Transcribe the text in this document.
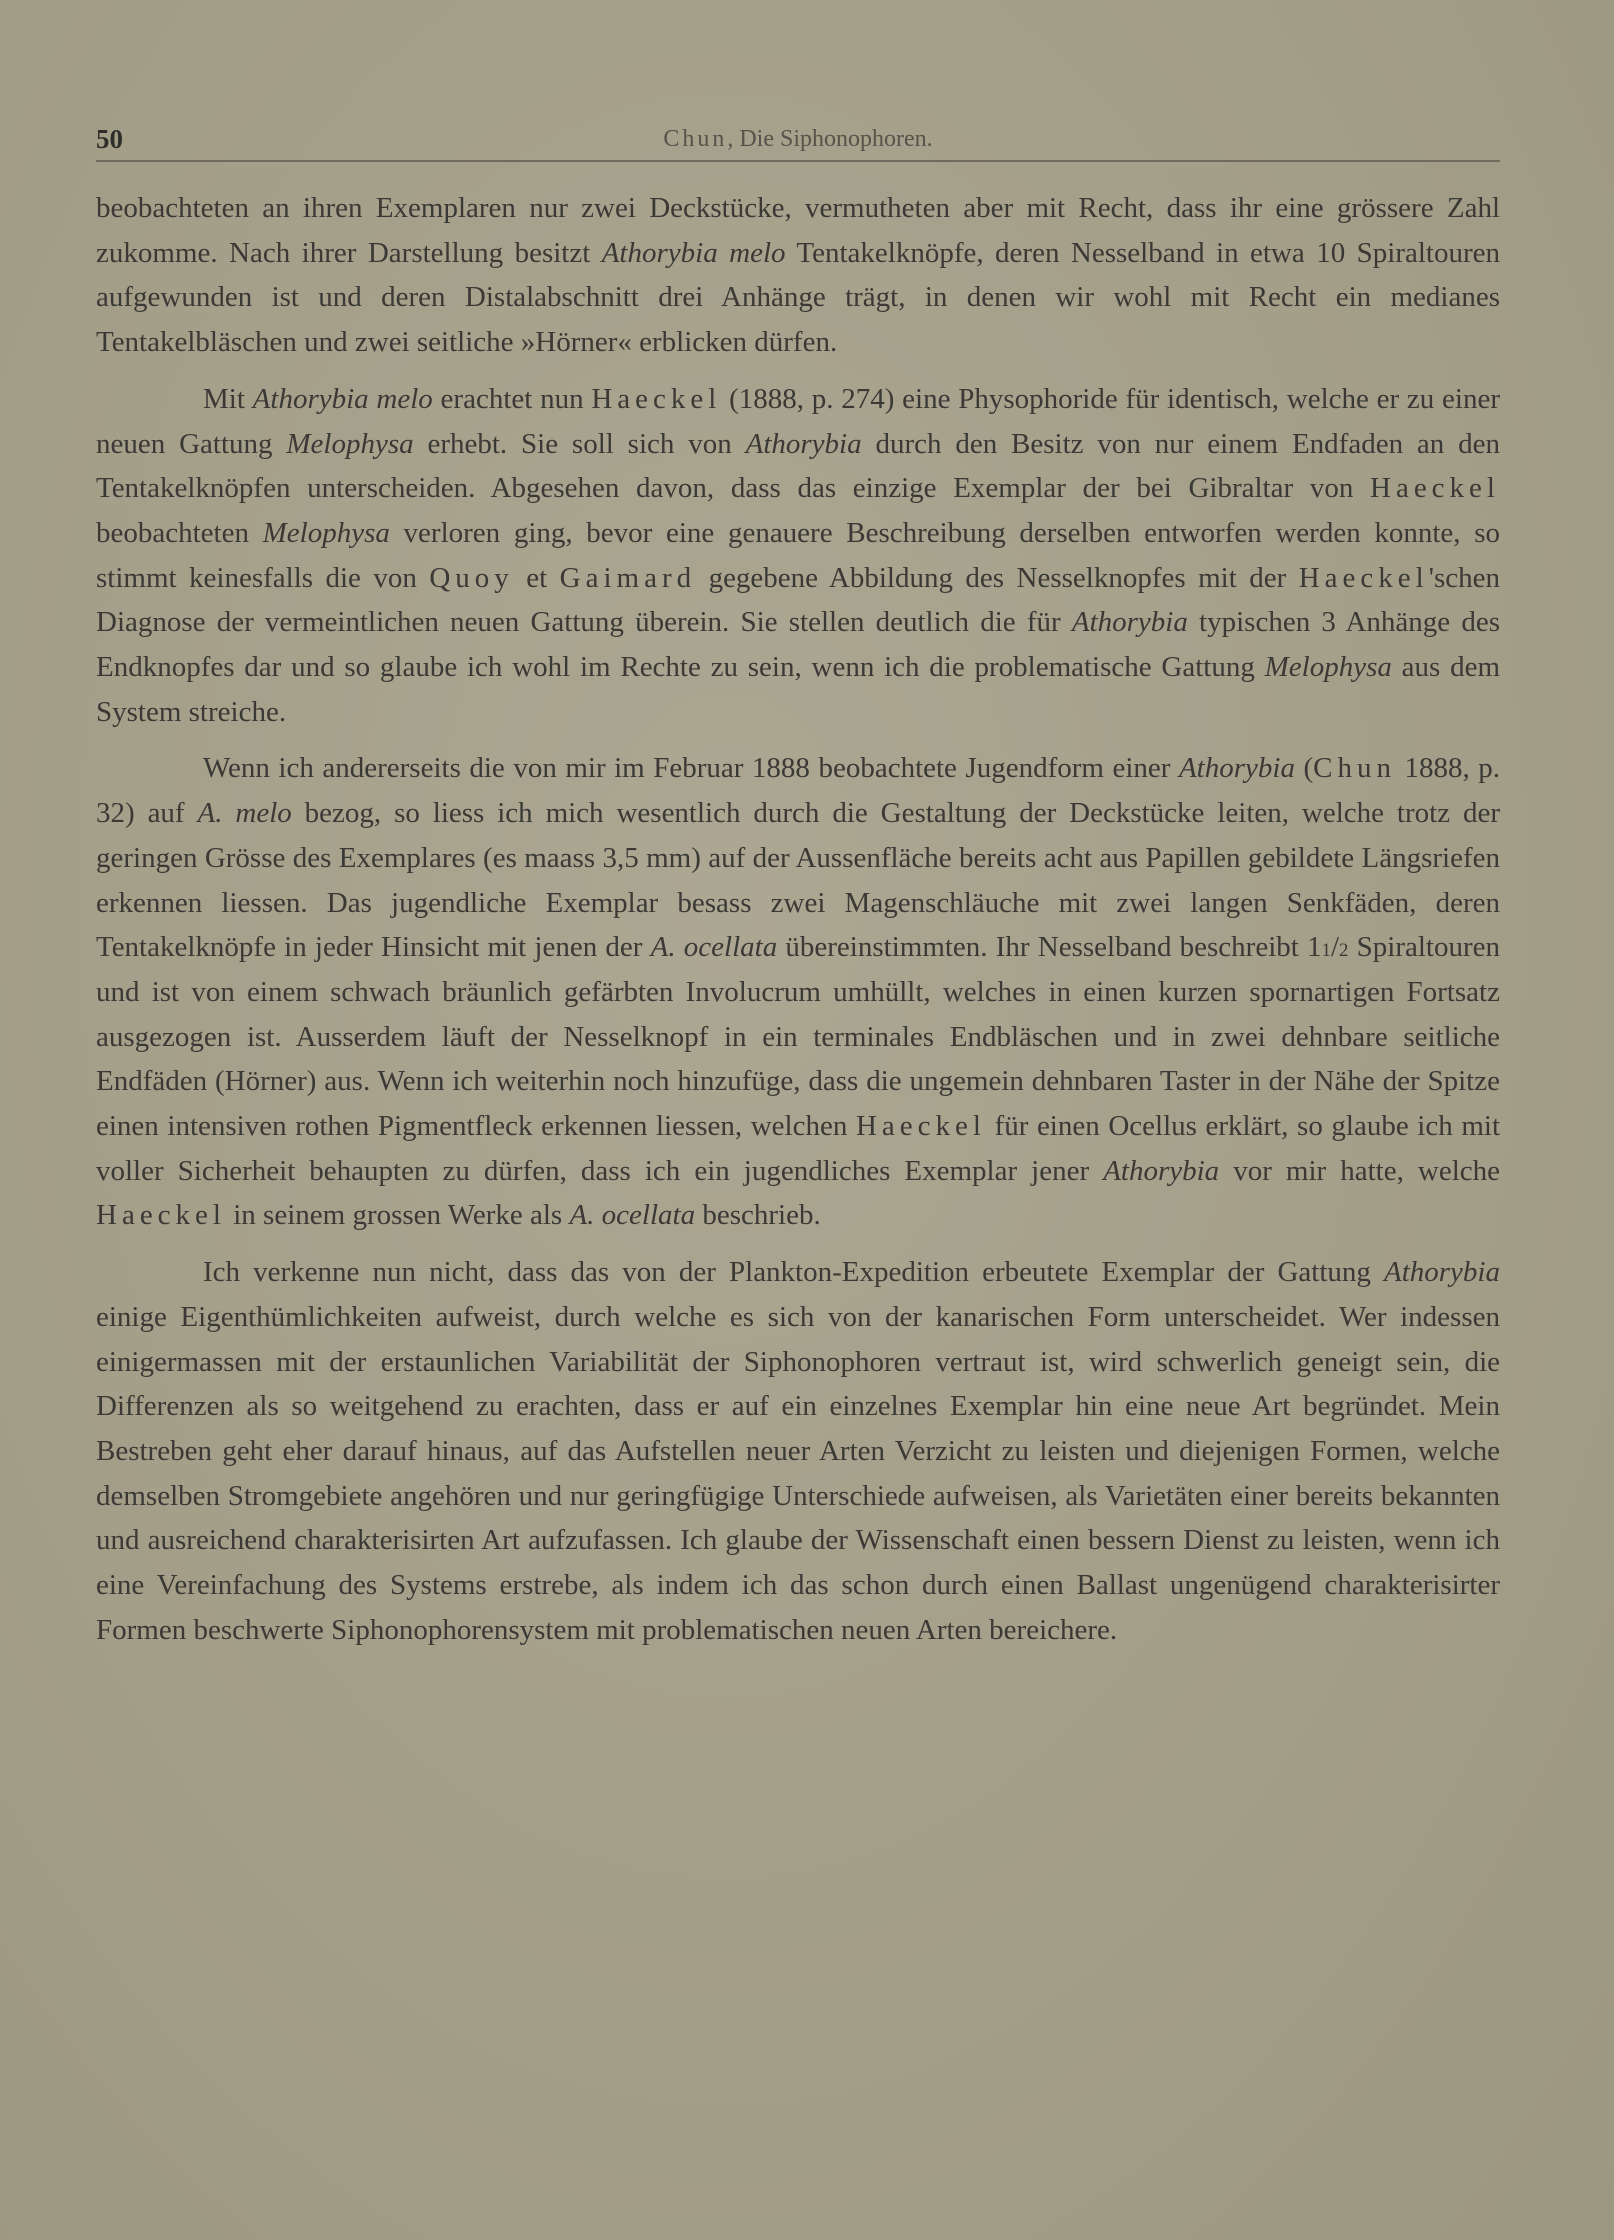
50	Chun, Die Siphonophoren.

beobachteten an ihren Exemplaren nur zwei Deckstücke, vermutheten aber mit Recht, dass ihr eine grössere Zahl zukomme. Nach ihrer Darstellung besitzt Athorybia melo Tentakelknöpfe, deren Nesselband in etwa 10 Spiraltouren aufgewunden ist und deren Distalabschnitt drei Anhänge trägt, in denen wir wohl mit Recht ein medianes Tentakelbläschen und zwei seitliche »Hörner« erblicken dürfen.

Mit Athorybia melo erachtet nun Haeckel (1888, p. 274) eine Physophoride für identisch, welche er zu einer neuen Gattung Melophysa erhebt. Sie soll sich von Athorybia durch den Besitz von nur einem Endfaden an den Tentakelknöpfen unterscheiden. Abgesehen davon, dass das einzige Exemplar der bei Gibraltar von Haeckel beobachteten Melophysa verloren ging, bevor eine genauere Beschreibung derselben entworfen werden konnte, so stimmt keinesfalls die von Quoy et Gaimard gegebene Abbildung des Nesselknopfes mit der Haeckel'schen Diagnose der vermeintlichen neuen Gattung überein. Sie stellen deutlich die für Athorybia typischen 3 Anhänge des Endknopfes dar und so glaube ich wohl im Rechte zu sein, wenn ich die problematische Gattung Melophysa aus dem System streiche.

Wenn ich andererseits die von mir im Februar 1888 beobachtete Jugendform einer Athorybia (Chun 1888, p. 32) auf A. melo bezog, so liess ich mich wesentlich durch die Gestaltung der Deckstücke leiten, welche trotz der geringen Grösse des Exemplares (es maass 3,5 mm) auf der Aussenfläche bereits acht aus Papillen gebildete Längsriefen erkennen liessen. Das jugendliche Exemplar besass zwei Magenschläuche mit zwei langen Senkfäden, deren Tentakelknöpfe in jeder Hinsicht mit jenen der A. ocellata übereinstimmten. Ihr Nesselband beschreibt $1^1/_2$ Spiraltouren und ist von einem schwach bräunlich gefärbten Involucrum umhüllt, welches in einen kurzen spornartigen Fortsatz ausgezogen ist. Ausserdem läuft der Nesselknopf in ein terminales Endbläschen und in zwei dehnbare seitliche Endfäden (Hörner) aus. Wenn ich weiterhin noch hinzufüge, dass die ungemein dehnbaren Taster in der Nähe der Spitze einen intensiven rothen Pigmentfleck erkennen liessen, welchen Haeckel für einen Ocellus erklärt, so glaube ich mit voller Sicherheit behaupten zu dürfen, dass ich ein jugendliches Exemplar jener Athorybia vor mir hatte, welche Haeckel in seinem grossen Werke als A. ocellata beschrieb.

Ich verkenne nun nicht, dass das von der Plankton-Expedition erbeutete Exemplar der Gattung Athorybia einige Eigenthümlichkeiten aufweist, durch welche es sich von der kanarischen Form unterscheidet. Wer indessen einigermassen mit der erstaunlichen Variabilität der Siphonophoren vertraut ist, wird schwerlich geneigt sein, die Differenzen als so weitgehend zu erachten, dass er auf ein einzelnes Exemplar hin eine neue Art begründet. Mein Bestreben geht eher darauf hinaus, auf das Aufstellen neuer Arten Verzicht zu leisten und diejenigen Formen, welche demselben Stromgebiete angehören und nur geringfügige Unterschiede aufweisen, als Varietäten einer bereits bekannten und ausreichend charakterisirten Art aufzufassen. Ich glaube der Wissenschaft einen bessern Dienst zu leisten, wenn ich eine Vereinfachung des Systems erstrebe, als indem ich das schon durch einen Ballast ungenügend charakterisirter Formen beschwerte Siphonophorensystem mit problematischen neuen Arten bereichere.
